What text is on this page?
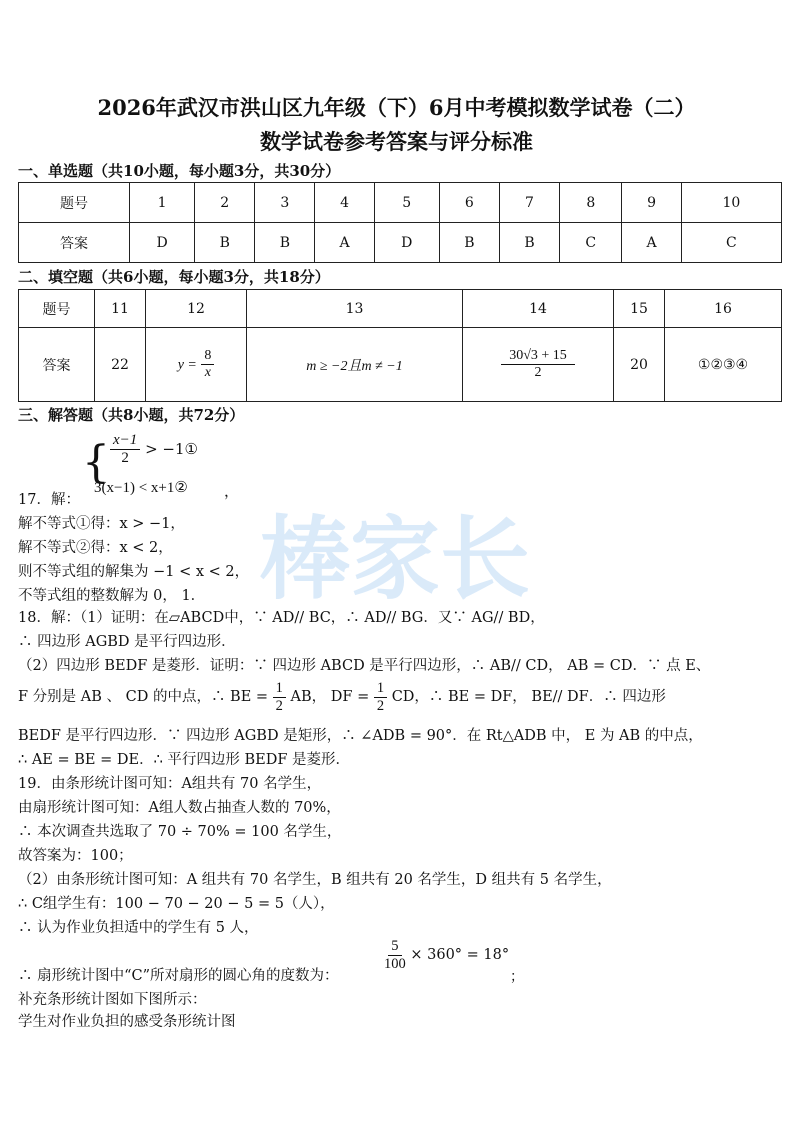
棒家长
2026年武汉市洪山区九年级（下）6月中考模拟数学试卷（二）
数学试卷参考答案与评分标准
一、单选题（共10小题，每小题3分，共30分）
题号	1	2	3	4	5	6	7	8	9	10
答案	D	B	B	A	D	B	B	C	A	C
二、填空题（共6小题，每小题3分，共18分）
题号	11	12	13	14	15	16
答案	22	$y = \frac{8}{x}$	m ≥ −2且m ≠ −1	$\frac{30√3 + 15}{2}$	20	①②③④
三、解答题（共8小题，共72分）
{ $\frac{x-1}{2}$ > −1①
17．解：
3(x−1) < x+1② ，
解不等式①得：x > −1，
解不等式②得：x < 2，
则不等式组的解集为 −1 < x < 2，
不等式组的整数解为 0， 1．
18．解：（1）证明：在▱ABCD中，∵ AD// BC，∴ AD// BG．又∵ AG// BD，
∴ 四边形 AGBD 是平行四边形．
（2）四边形 BEDF 是菱形．证明：∵ 四边形 ABCD 是平行四边形，∴ AB// CD， AB = CD．∵ 点 E、
F 分别是 AB 、 CD 的中点，∴ BE = $\frac{1}{2}$ AB， DF = $\frac{1}{2}$ CD，∴ BE = DF， BE// DF．∴ 四边形
BEDF 是平行四边形．∵ 四边形 AGBD 是矩形，∴ ∠ADB = 90°．在 Rt△ADB 中， E 为 AB 的中点，
∴ AE = BE = DE．∴ 平行四边形 BEDF 是菱形．
19．由条形统计图可知：A组共有 70 名学生，
由扇形统计图可知：A组人数占抽查人数的 70%，
∴ 本次调查共选取了 70 ÷ 70% = 100 名学生，
故答案为：100；
（2）由条形统计图可知：A 组共有 70 名学生，B 组共有 20 名学生，D 组共有 5 名学生，
∴ C组学生有：100 − 70 − 20 − 5 = 5（人），
∴ 认为作业负担适中的学生有 5 人，
$\frac{5}{100} \times 360^\circ = 18^\circ$
；
∴ 扇形统计图中“C”所对扇形的圆心角的度数为：
补充条形统计图如下图所示：
学生对作业负担的感受条形统计图
